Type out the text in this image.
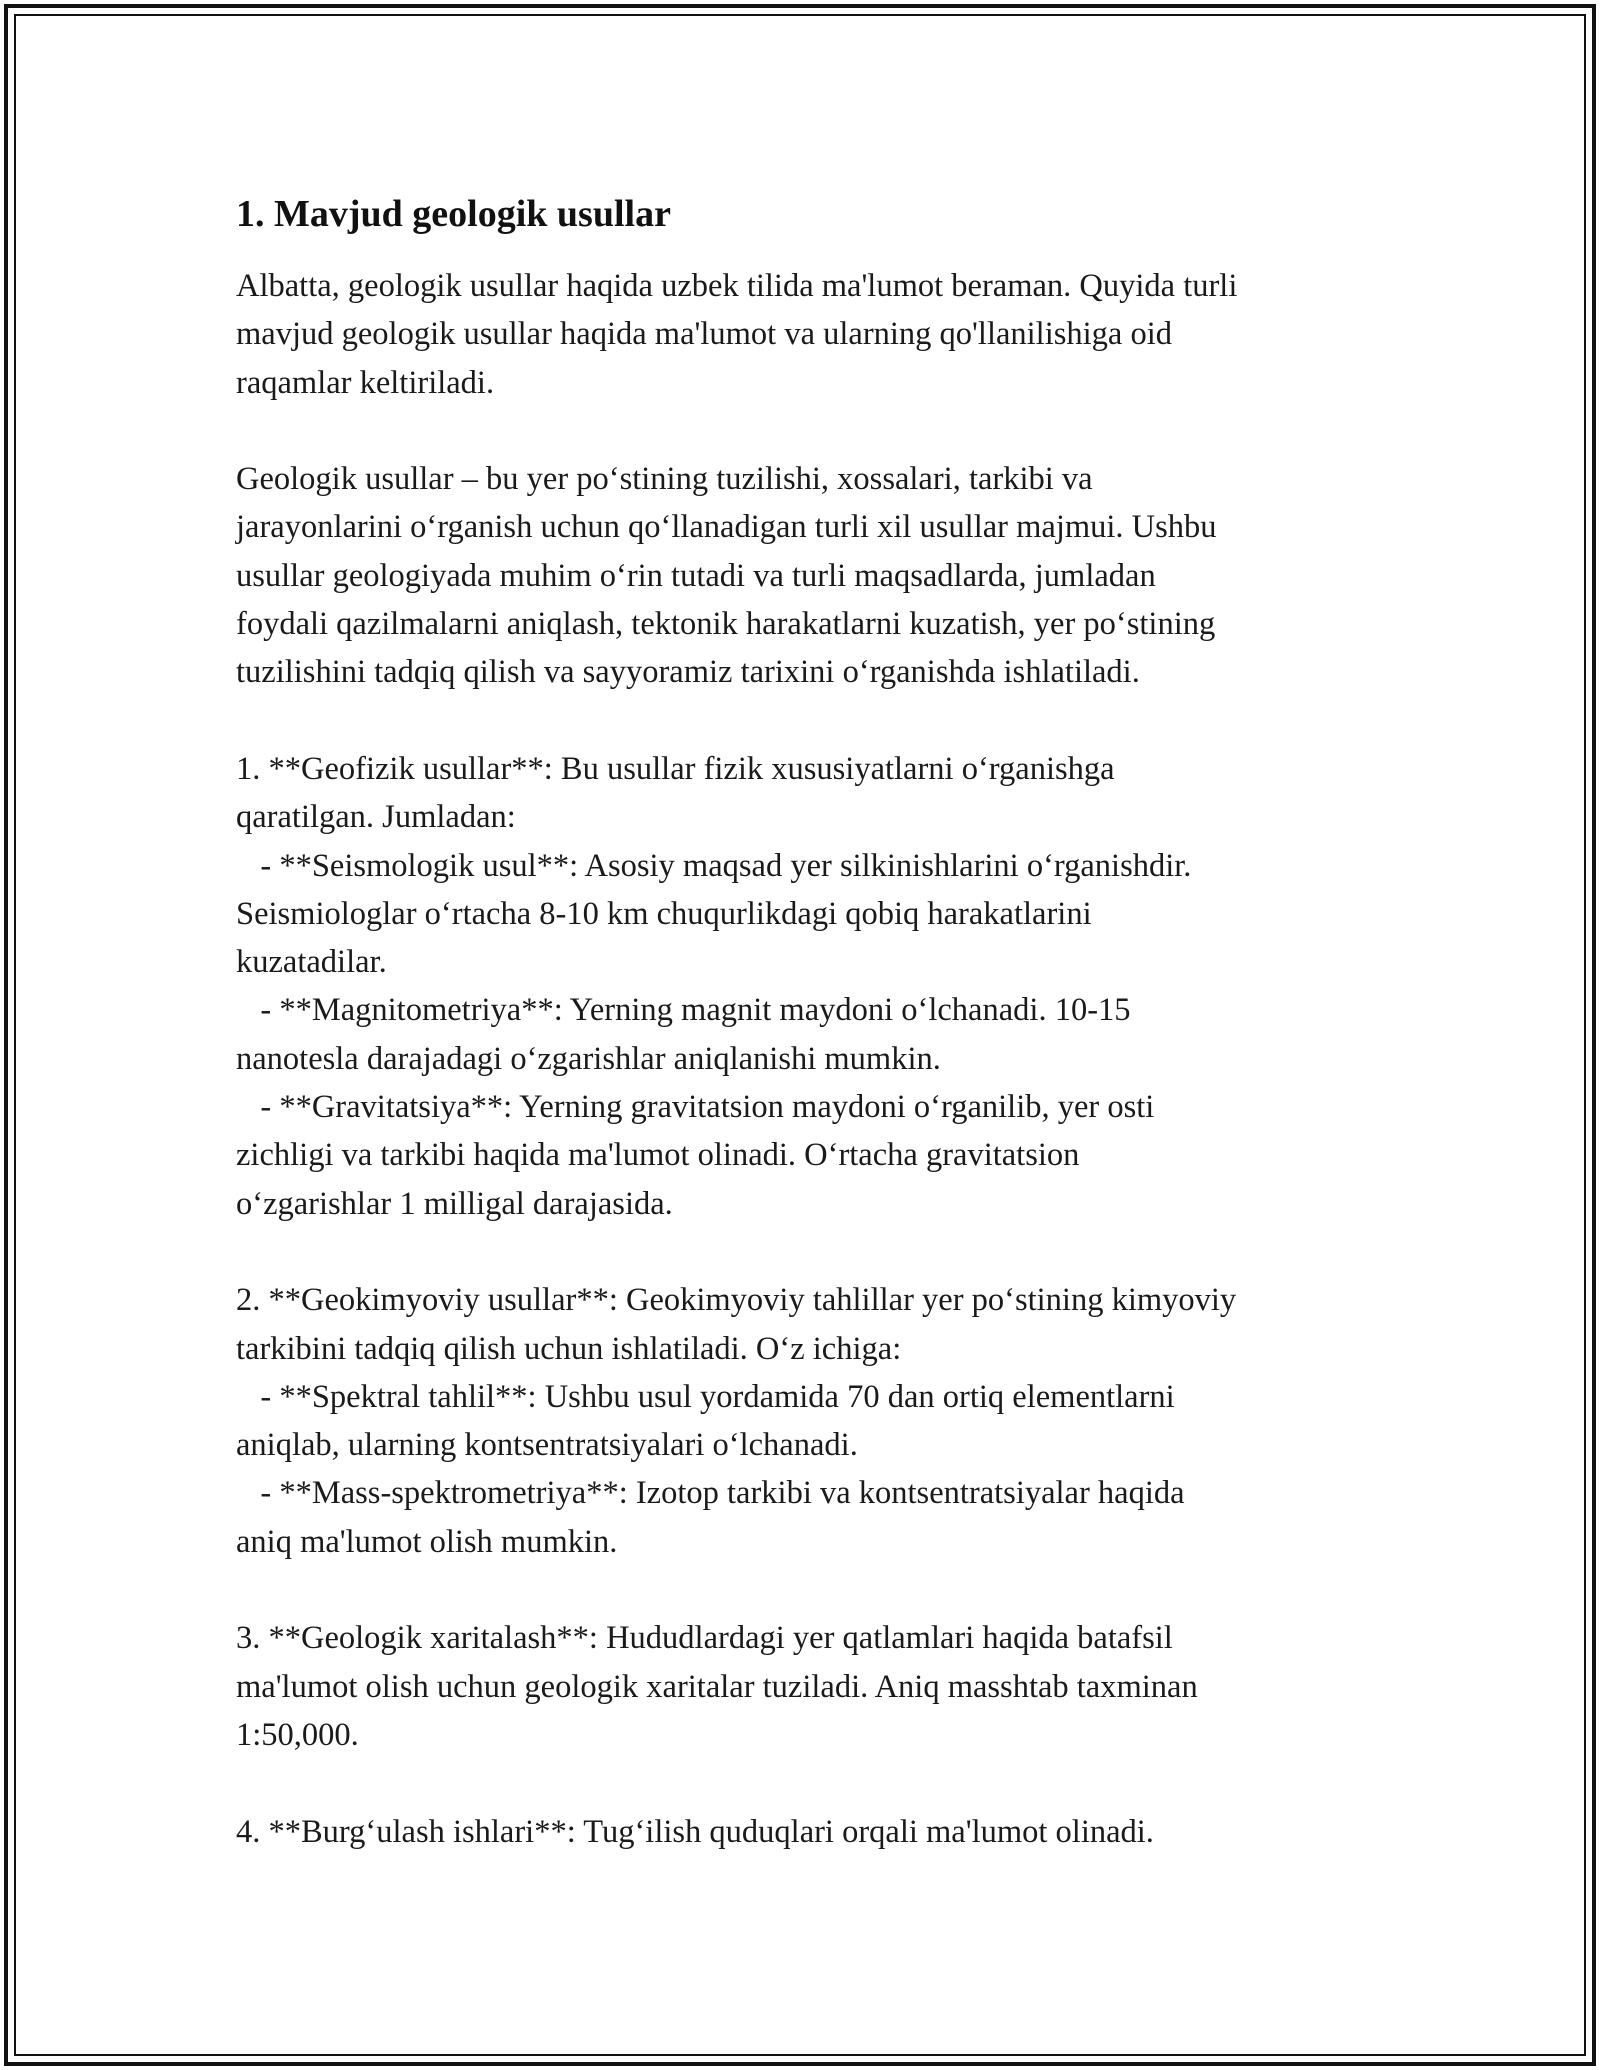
1. Mavjud geologik usullar

Albatta, geologik usullar haqida uzbek tilida ma'lumot beraman. Quyida turli
mavjud geologik usullar haqida ma'lumot va ularning qo'llanilishiga oid
raqamlar keltiriladi.

Geologik usullar – bu yer po‘stining tuzilishi, xossalari, tarkibi va
jarayonlarini o‘rganish uchun qo‘llanadigan turli xil usullar majmui. Ushbu
usullar geologiyada muhim o‘rin tutadi va turli maqsadlarda, jumladan
foydali qazilmalarni aniqlash, tektonik harakatlarni kuzatish, yer po‘stining
tuzilishini tadqiq qilish va sayyoramiz tarixini o‘rganishda ishlatiladi.

1. **Geofizik usullar**: Bu usullar fizik xususiyatlarni o‘rganishga
qaratilgan. Jumladan:
- **Seismologik usul**: Asosiy maqsad yer silkinishlarini o‘rganishdir.
Seismiologlar o‘rtacha 8-10 km chuqurlikdagi qobiq harakatlarini
kuzatadilar.
- **Magnitometriya**: Yerning magnit maydoni o‘lchanadi. 10-15
nanotesla darajadagi o‘zgarishlar aniqlanishi mumkin.
- **Gravitatsiya**: Yerning gravitatsion maydoni o‘rganilib, yer osti
zichligi va tarkibi haqida ma'lumot olinadi. O‘rtacha gravitatsion
o‘zgarishlar 1 milligal darajasida.

2. **Geokimyoviy usullar**: Geokimyoviy tahlillar yer po‘stining kimyoviy
tarkibini tadqiq qilish uchun ishlatiladi. O‘z ichiga:
- **Spektral tahlil**: Ushbu usul yordamida 70 dan ortiq elementlarni
aniqlab, ularning kontsentratsiyalari o‘lchanadi.
- **Mass-spektrometriya**: Izotop tarkibi va kontsentratsiyalar haqida
aniq ma'lumot olish mumkin.

3. **Geologik xaritalash**: Hududlardagi yer qatlamlari haqida batafsil
ma'lumot olish uchun geologik xaritalar tuziladi. Aniq masshtab taxminan
1:50,000.

4. **Burg‘ulash ishlari**: Tug‘ilish quduqlari orqali ma'lumot olinadi.
